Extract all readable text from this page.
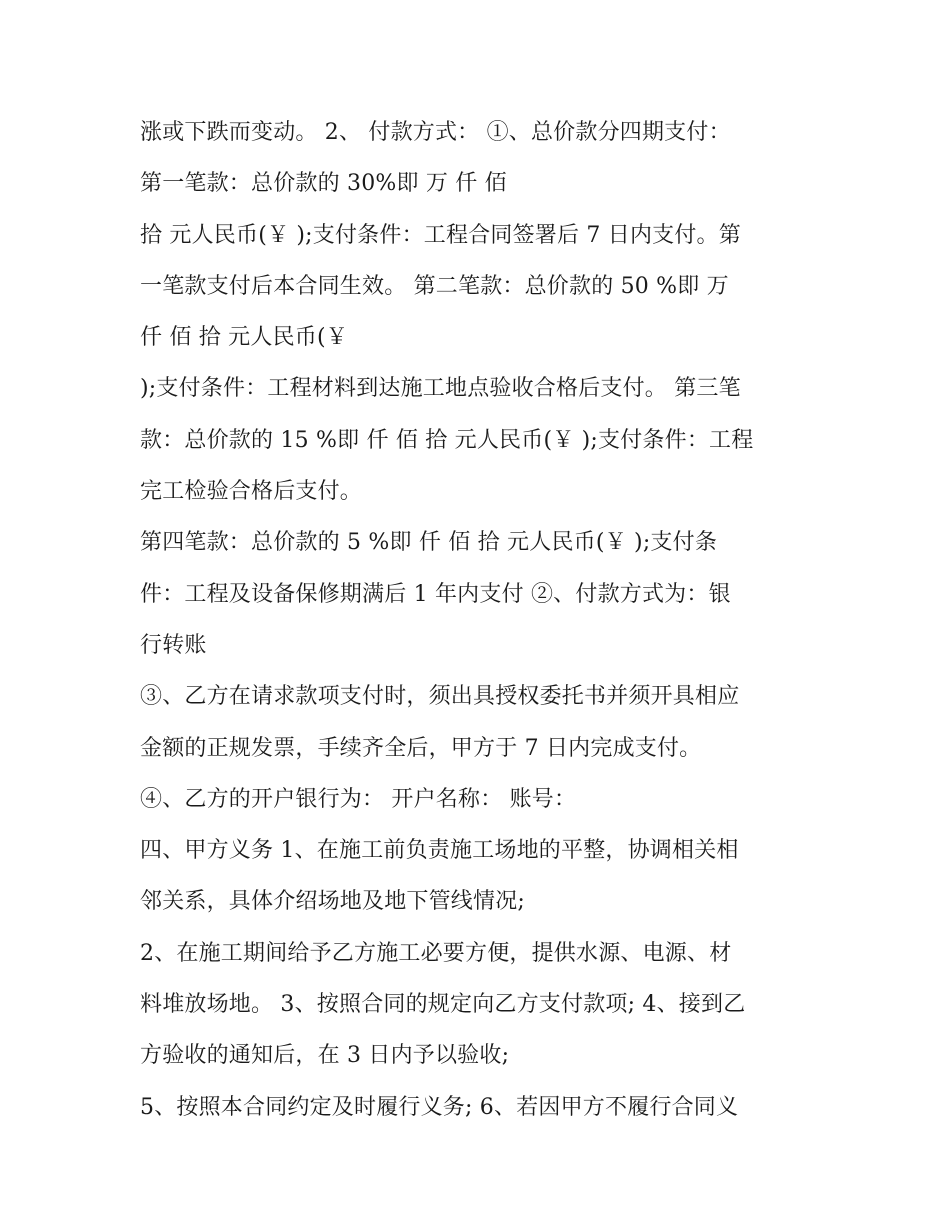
涨或下跌而变动。 2、 付款方式： ①、总价款分四期支付：
第一笔款：总价款的 30%即 万 仟 佰
拾 元人民币(￥ );支付条件：工程合同签署后 7 日内支付。第
一笔款支付后本合同生效。 第二笔款：总价款的 50 %即 万
仟 佰 拾 元人民币(￥
);支付条件：工程材料到达施工地点验收合格后支付。 第三笔
款：总价款的 15 %即 仟 佰 拾 元人民币(￥ );支付条件：工程
完工检验合格后支付。
第四笔款：总价款的 5 %即 仟 佰 拾 元人民币(￥ );支付条
件：工程及设备保修期满后 1 年内支付 ②、付款方式为：银
行转账
③、乙方在请求款项支付时，须出具授权委托书并须开具相应
金额的正规发票，手续齐全后，甲方于 7 日内完成支付。
④、乙方的开户银行为： 开户名称： 账号：
四、甲方义务 1、在施工前负责施工场地的平整，协调相关相
邻关系，具体介绍场地及地下管线情况;
2、在施工期间给予乙方施工必要方便，提供水源、电源、材
料堆放场地。 3、按照合同的规定向乙方支付款项; 4、接到乙
方验收的通知后，在 3 日内予以验收;
5、按照本合同约定及时履行义务; 6、若因甲方不履行合同义
